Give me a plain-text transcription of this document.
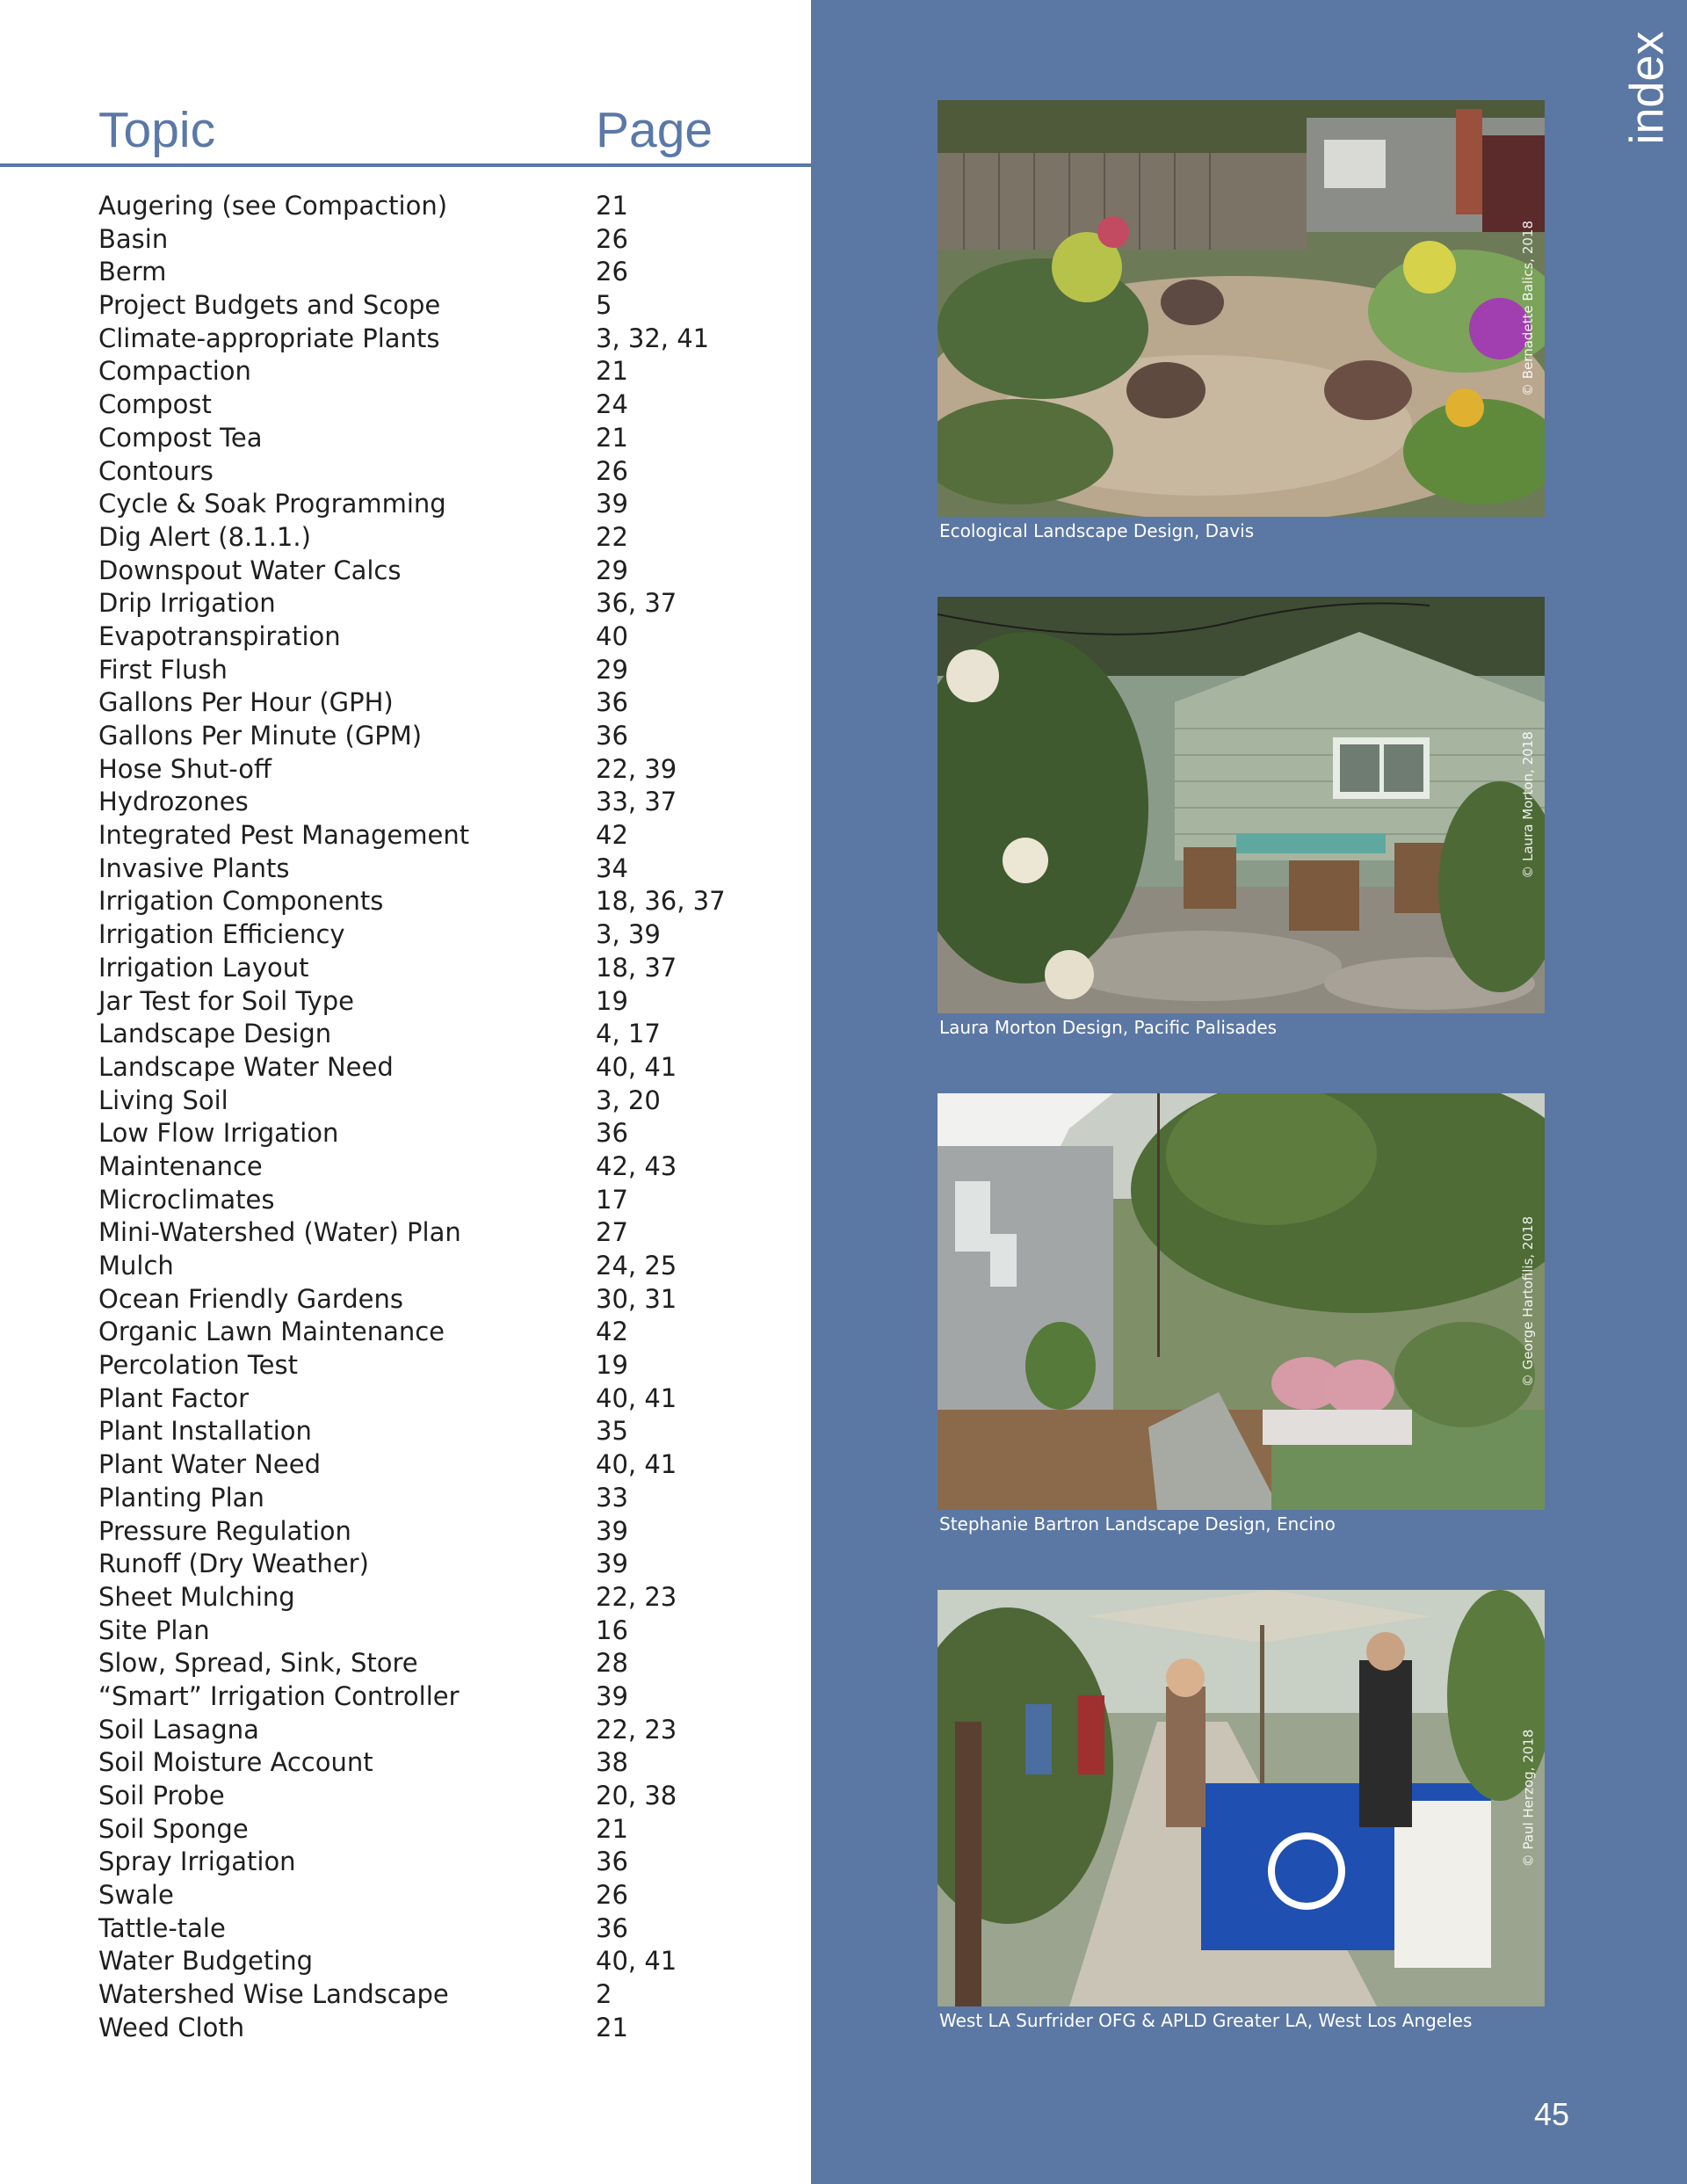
Topic	Page
Augering (see Compaction)	21
Basin	26
Berm	26
Project Budgets and Scope	5
Climate-appropriate Plants	3, 32, 41
Compaction	21
Compost	24
Compost Tea	21
Contours	26
Cycle & Soak Programming	39
Dig Alert (8.1.1.)	22
Downspout Water Calcs	29
Drip Irrigation	36, 37
Evapotranspiration	40
First Flush	29
Gallons Per Hour (GPH)	36
Gallons Per Minute (GPM)	36
Hose Shut-off	22, 39
Hydrozones	33, 37
Integrated Pest Management	42
Invasive Plants	34
Irrigation Components	18, 36, 37
Irrigation Efficiency	3, 39
Irrigation Layout	18, 37
Jar Test for Soil Type	19
Landscape Design	4, 17
Landscape Water Need	40, 41
Living Soil	3, 20
Low Flow Irrigation	36
Maintenance	42, 43
Microclimates	17
Mini-Watershed (Water) Plan	27
Mulch	24, 25
Ocean Friendly Gardens	30, 31
Organic Lawn Maintenance	42
Percolation Test	19
Plant Factor	40, 41
Plant Installation	35
Plant Water Need	40, 41
Planting Plan	33
Pressure Regulation	39
Runoff (Dry Weather)	39
Sheet Mulching	22, 23
Site Plan	16
Slow, Spread, Sink, Store	28
“Smart” Irrigation Controller	39
Soil Lasagna	22, 23
Soil Moisture Account	38
Soil Probe	20, 38
Soil Sponge	21
Spray Irrigation	36
Swale	26
Tattle-tale	36
Water Budgeting	40, 41
Watershed Wise Landscape	2
Weed Cloth	21
index
© Bernadette Balics, 2018
Ecological Landscape Design, Davis
© Laura Morton, 2018
Laura Morton Design, Pacific Palisades
© George Hartofilis, 2018
Stephanie Bartron Landscape Design, Encino
© Paul Herzog, 2018
West LA Surfrider OFG & APLD Greater LA, West Los Angeles
45
